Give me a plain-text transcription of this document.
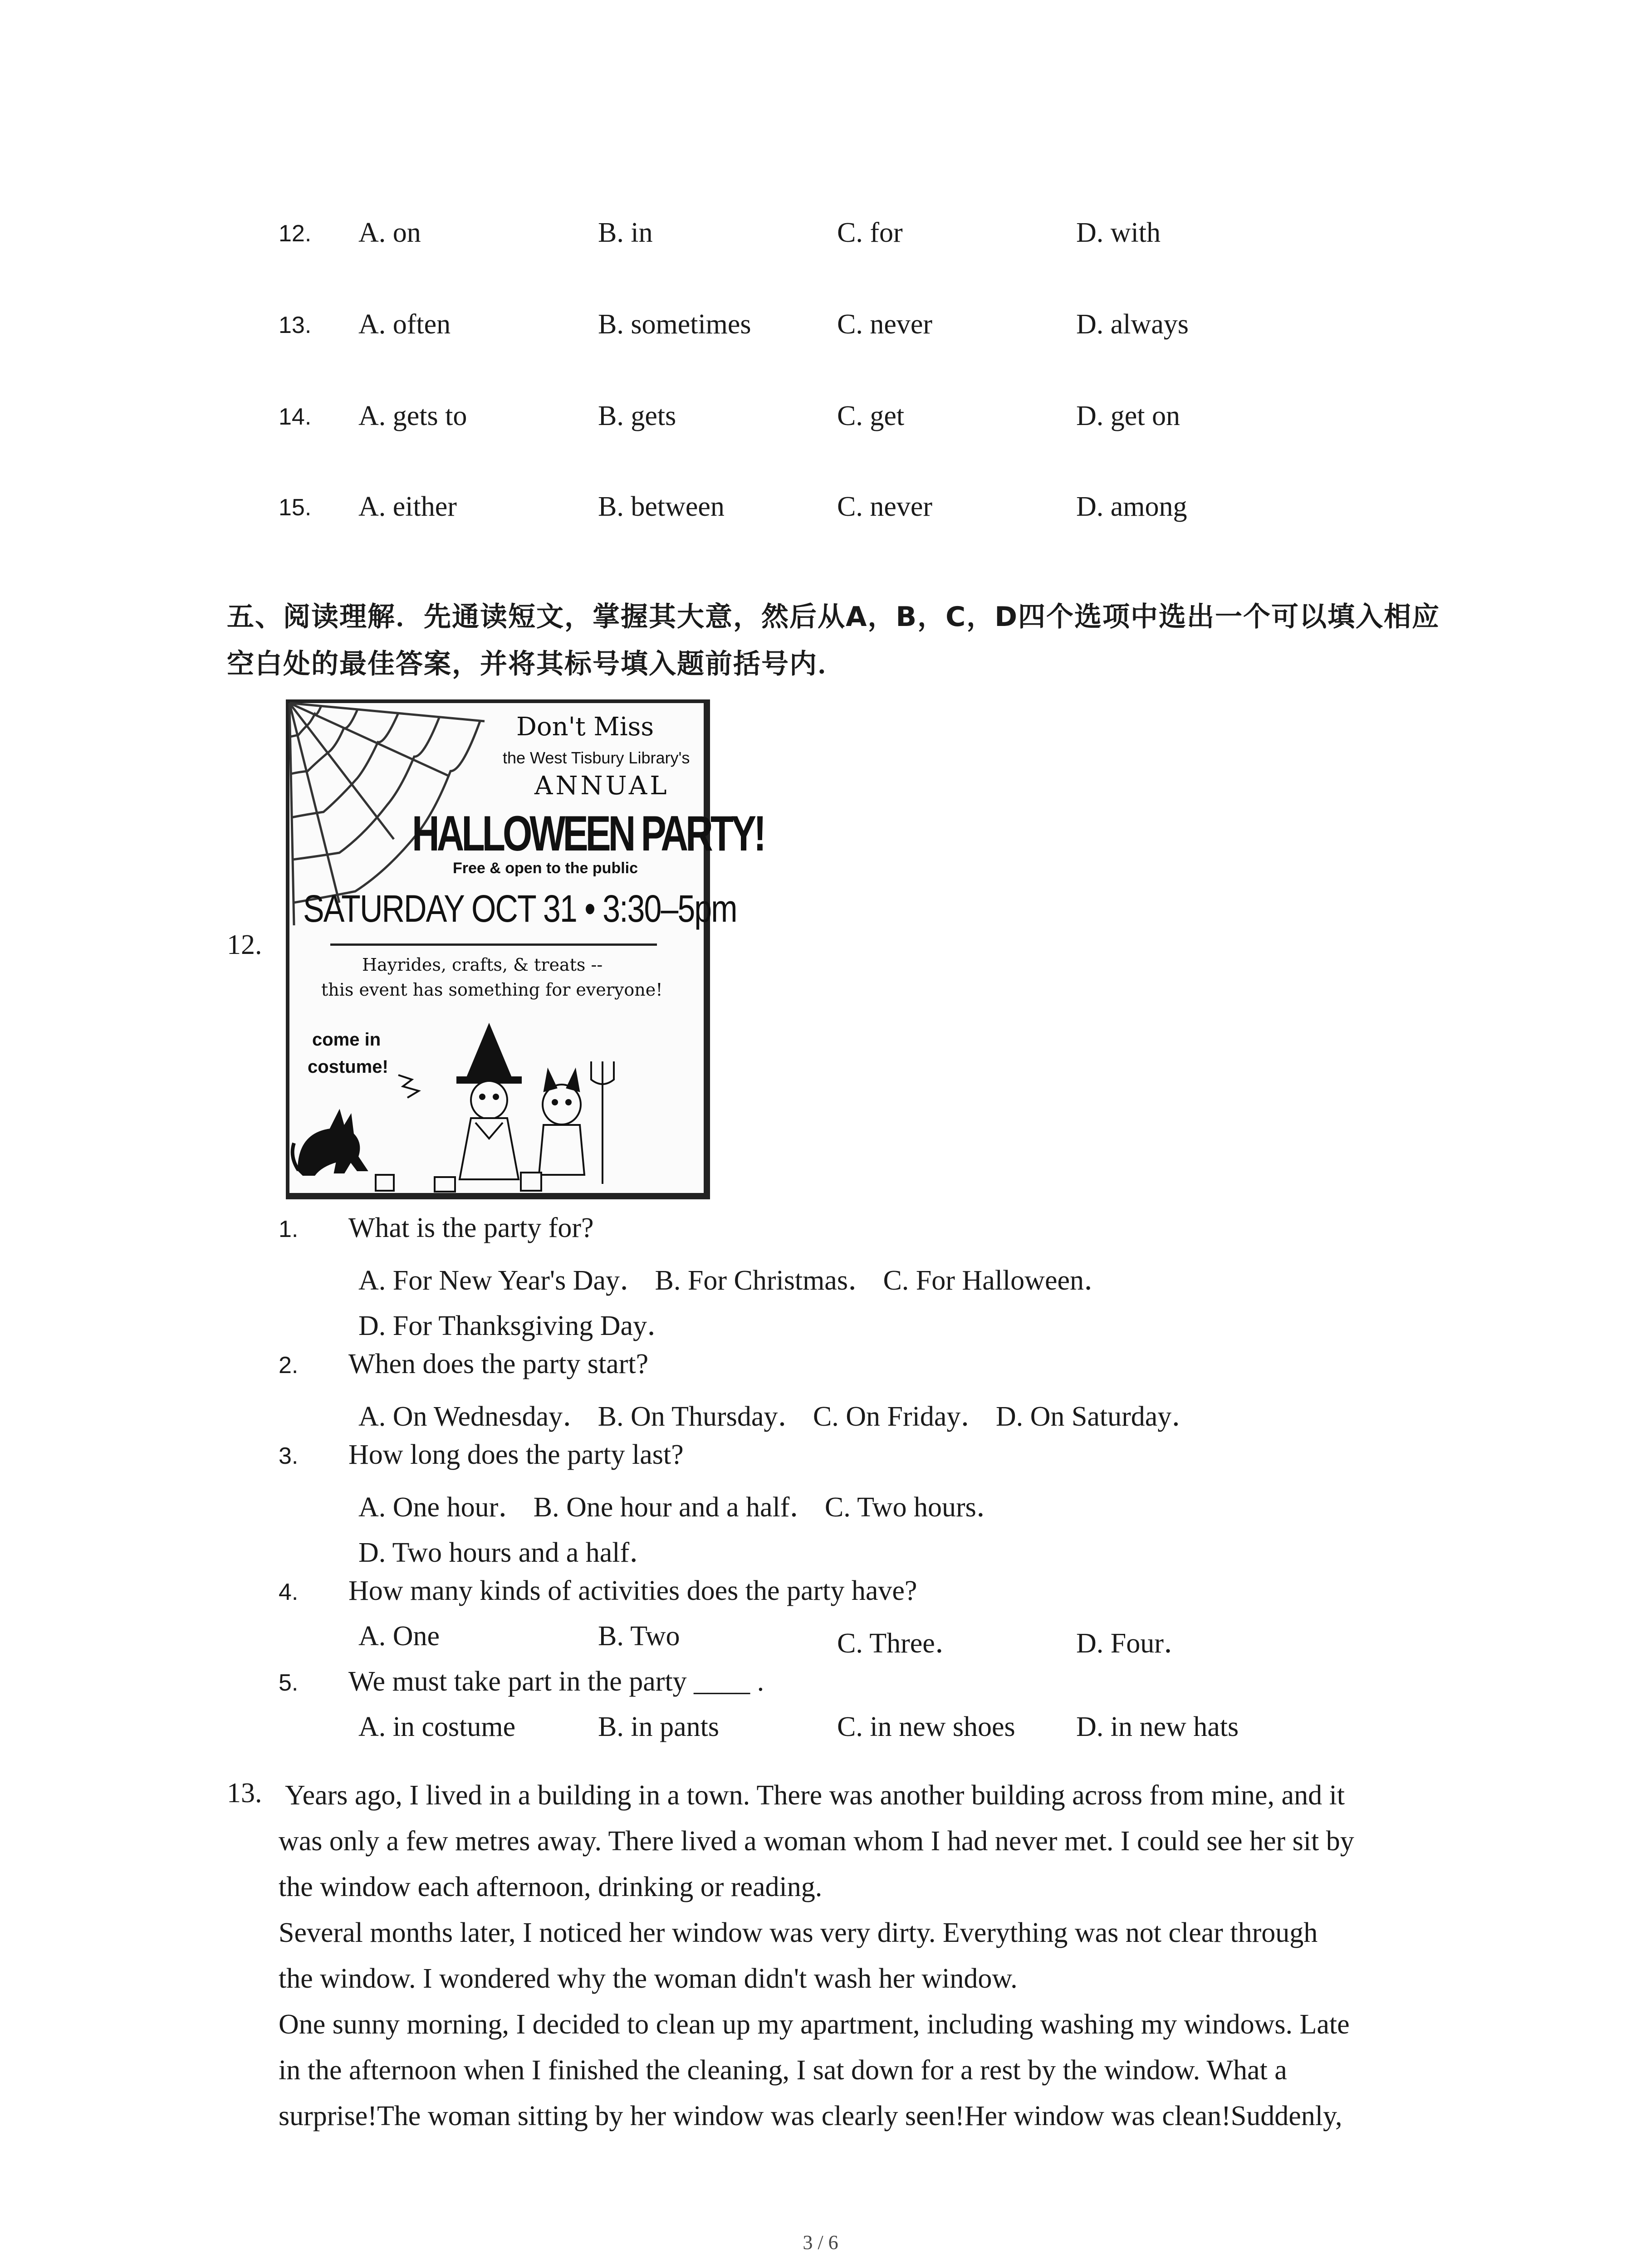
12. A. on	B. in	C. for	D. with
13. A. often	B. sometimes	C. never	D. always
14. A. gets to	B. gets	C. get	D. get on
15. A. either	B. between	C. never	D. among
五、阅读理解．先通读短文，掌握其大意，然后从A，B，C，D四个选项中选出一个可以填入相应空白处的最佳答案，并将其标号填入题前括号内．
12.
Don't Miss
the West Tisbury Library's
ANNUAL
HALLOWEEN PARTY!
Free & open to the public
SATURDAY OCT 31 • 3:30–5pm
Hayrides, crafts, & treats --
this event has something for everyone!
come in
costume!
1. What is the party for?
A. For New Year's Day． B. For Christmas． C. For Halloween．
D. For Thanksgiving Day．
2. When does the party start?
A. On Wednesday． B. On Thursday． C. On Friday． D. On Saturday．
3. How long does the party last?
A. One hour． B. One hour and a half． C. Two hours．
D. Two hours and a half．
4. How many kinds of activities does the party have?
A. One	B. Two	C. Three．	D. Four．
5. We must take part in the party ____ .
A. in costume	B. in pants	C. in new shoes D. in new hats
13. Years ago, I lived in a building in a town. There was another building across from mine, and it
was only a few metres away. There lived a woman whom I had never met. I could see her sit by
the window each afternoon, drinking or reading.
Several months later, I noticed her window was very dirty. Everything was not clear through
the window. I wondered why the woman didn't wash her window.
One sunny morning, I decided to clean up my apartment, including washing my windows. Late
in the afternoon when I finished the cleaning, I sat down for a rest by the window. What a
surprise!The woman sitting by her window was clearly seen!Her window was clean!Suddenly,
3 / 6
